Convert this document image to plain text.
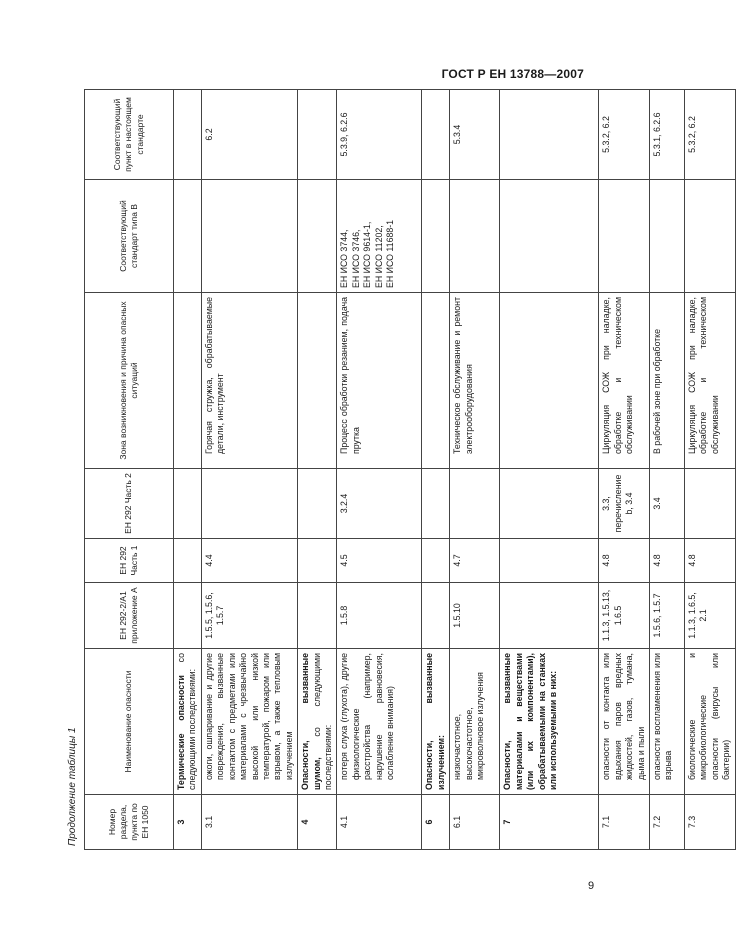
ГОСТ Р ЕН 13788—2007
Продолжение таблицы 1	Номер раздела, пункта по ЕН 1050	Наименование опасности	ЕН 292-2/А1 приложение А	ЕН 292 Часть 1	ЕН 292 Часть 2	Зона возникновения и причина опасных ситуаций	Соответствующий стандарт типа В	Соответствующий пункт в настоящем стандарте
3	Термические опасности со следующими последствиями:						
3.1	ожоги, ошпаривание и другие повреждения, вызванные контактом с предметами или материалами с чрезвычайно высокой или низкой температурой, пожаром или взрывом, а также тепловым излучением	1.5.5, 1.5.6, 1.5.7	4.4		Горячая стружка, обрабатываемые детали, инструмент		6.2
4	Опасности, вызванные шумом, со следующими последствиями:						
4.1	потеря слуха (глухота), другие физиологические расстройства (например, нарушение равновесия, ослабление внимания)	1.5.8	4.5	3.2.4	Процесс обработки резанием, подача прутка	ЕН ИСО 3744, ЕН ИСО 3746, ЕН ИСО 9614-1, ЕН ИСО 11202, ЕН ИСО 11688-1	5.3.9, 6.2.6
6	Опасности, вызванные излучением:						
6.1	низкочастотное, высокочастотное, микроволновое излучения	1.5.10	4.7		Техническое обслуживание и ремонт электрооборудования		5.3.4
7	Опасности, вызванные материалами и веществами (или их компонентами), обрабатываемыми на станках или используемыми в них:						
7.1	опасности от контакта или вдыхания паров вредных жидкостей, газов, тумана, дыма и пыли	1.1.3, 1.5.13, 1.6.5	4.8	3.3, перечисление b, 3.4	Циркуляция СОЖ при наладке, обработке и техническом обслуживании		5.3.2, 6.2
7.2	опасности воспламенения или взрыва	1.5.6, 1.5.7	4.8	3.4	В рабочей зоне при обработке		5.3.1, 6.2.6
7.3	биологические и микробиологические опасности (вирусы или бактерии)	1.1.3, 1.6.5, 2.1	4.8		Циркуляция СОЖ при наладке, обработке и техническом обслуживании		5.3.2, 6.2
9
